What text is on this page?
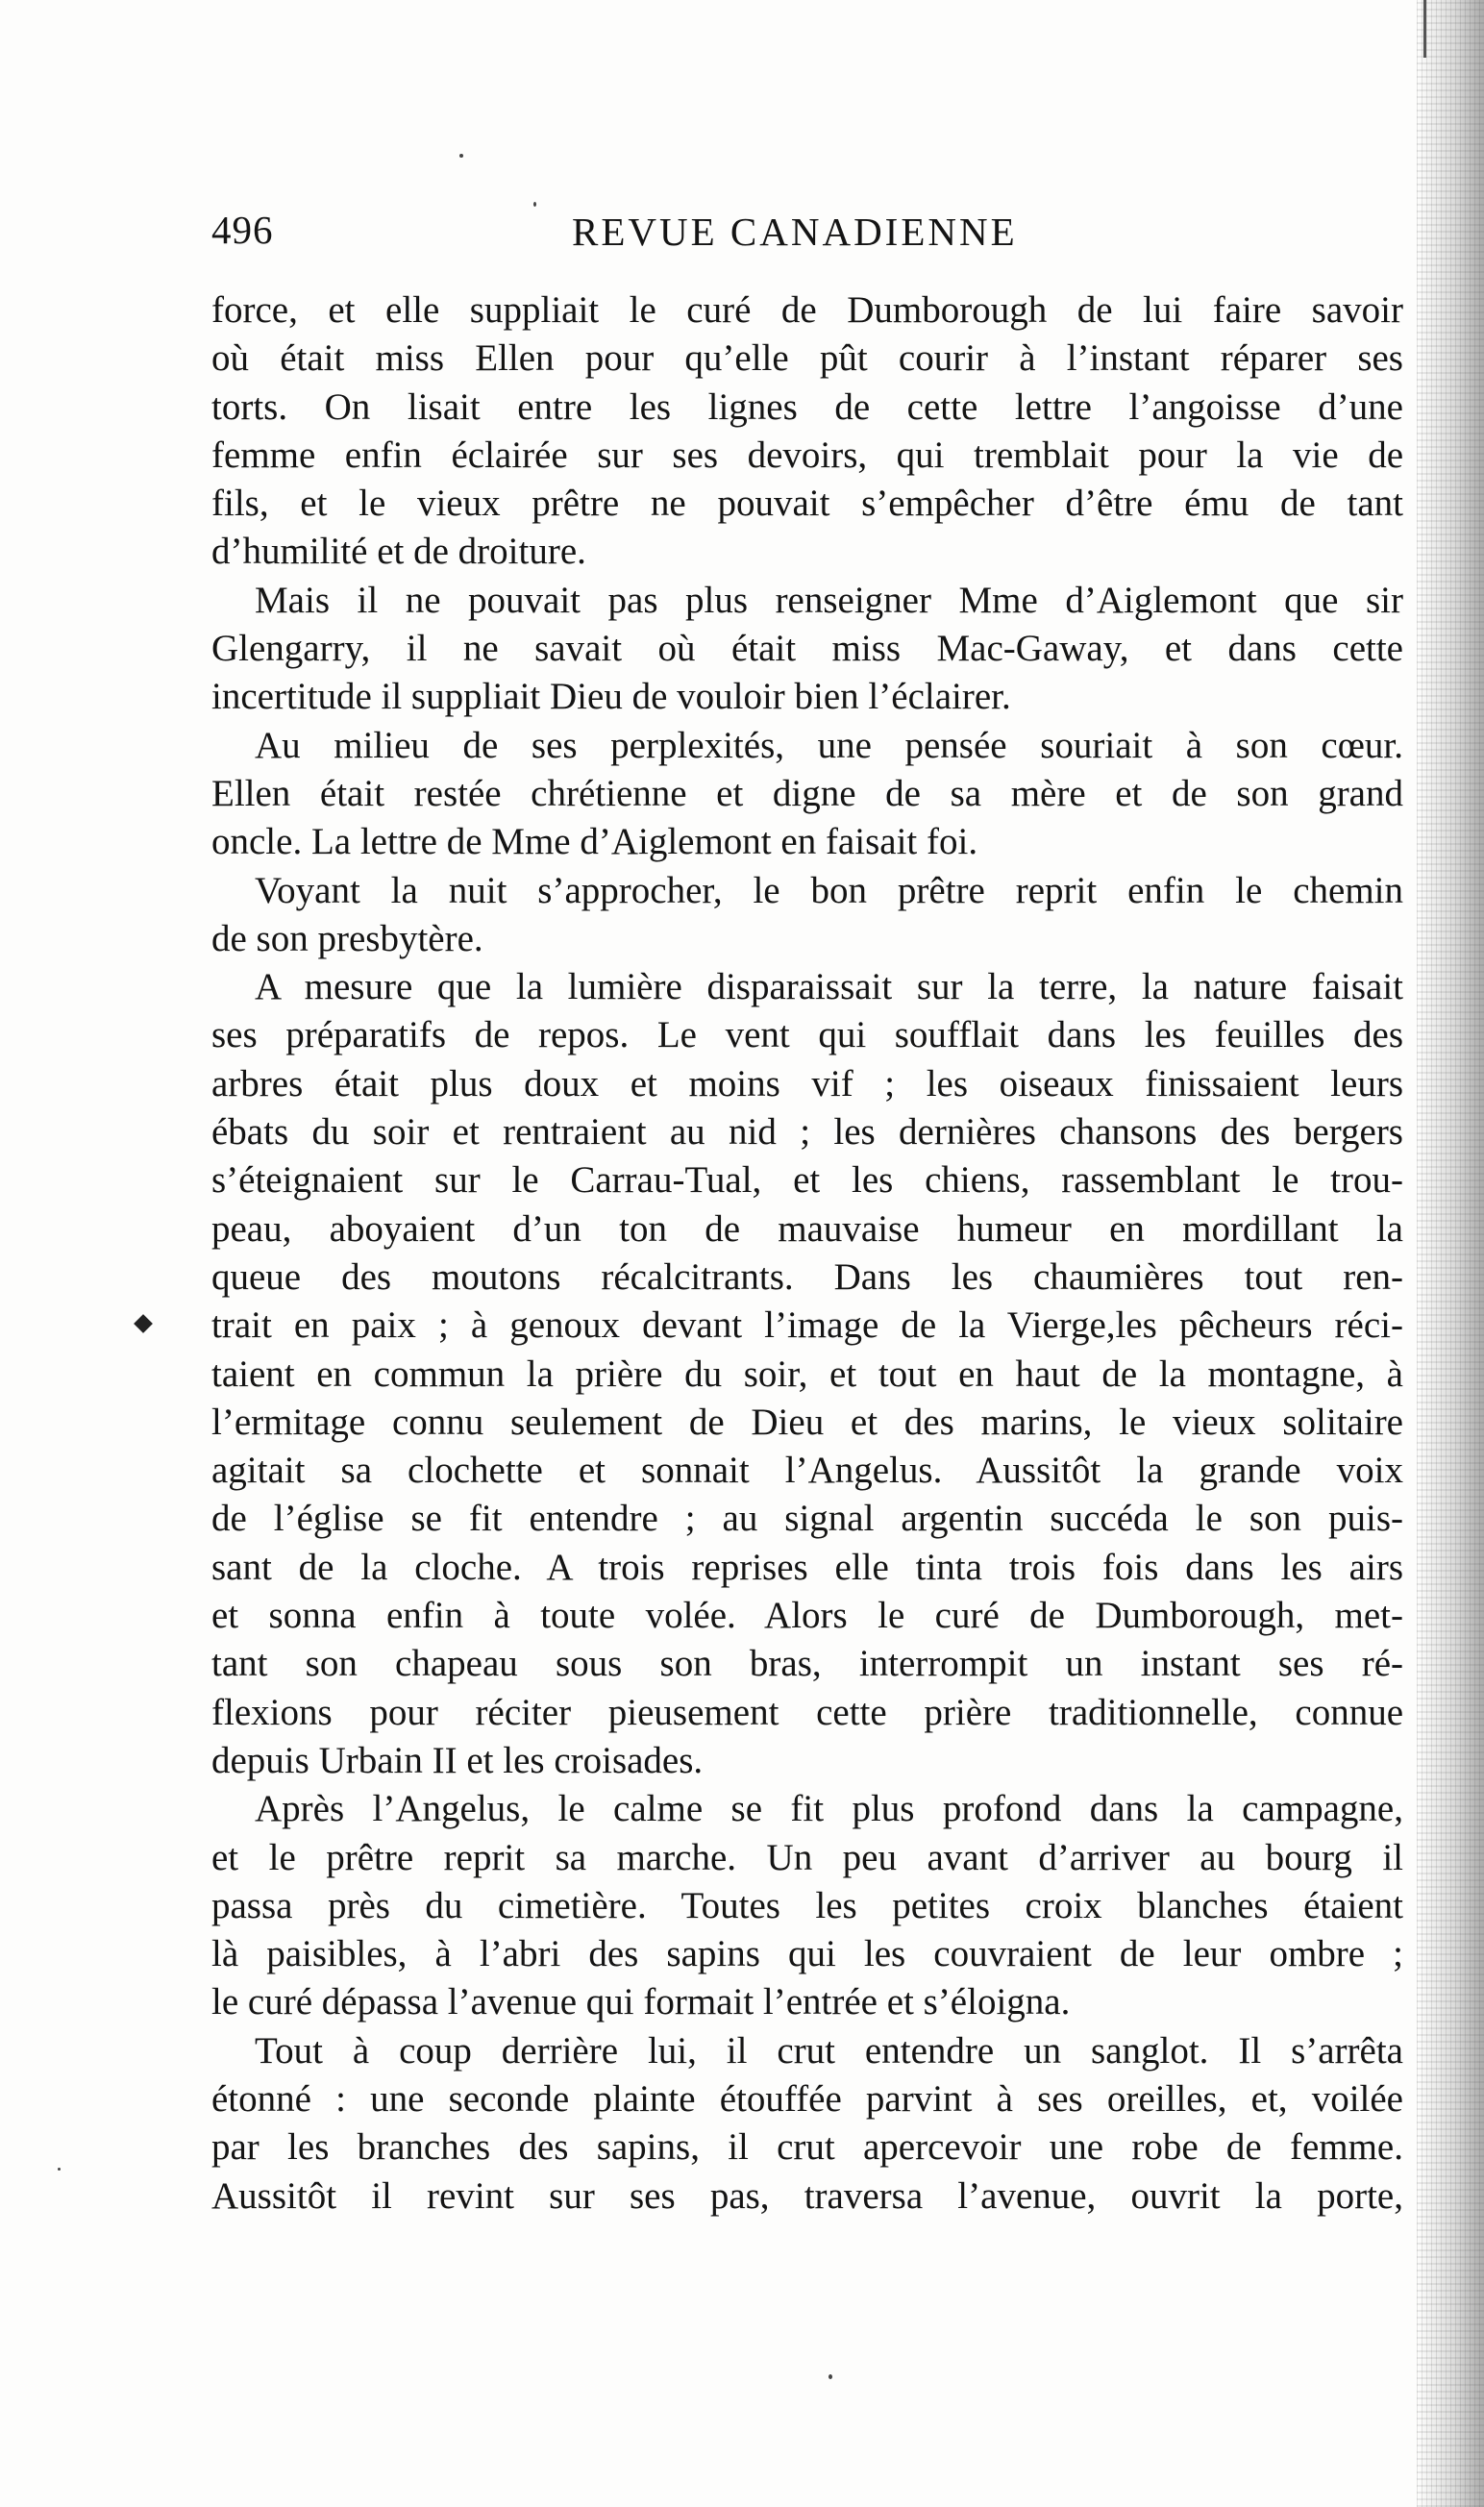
496	REVUE CANADIENNE
force, et elle suppliait le curé de Dumborough de lui faire savoir
où était miss Ellen pour qu’elle pût courir à l’instant réparer ses
torts. On lisait entre les lignes de cette lettre l’angoisse d’une
femme enfin éclairée sur ses devoirs, qui tremblait pour la vie de
fils, et le vieux prêtre ne pouvait s’empêcher d’être ému de tant
d’humilité et de droiture.
Mais il ne pouvait pas plus renseigner Mme d’Aiglemont que sir
Glengarry, il ne savait où était miss Mac-Gaway, et dans cette
incertitude il suppliait Dieu de vouloir bien l’éclairer.
Au milieu de ses perplexités, une pensée souriait à son cœur.
Ellen était restée chrétienne et digne de sa mère et de son grand
oncle. La lettre de Mme d’Aiglemont en faisait foi.
Voyant la nuit s’approcher, le bon prêtre reprit enfin le chemin
de son presbytère.
A mesure que la lumière disparaissait sur la terre, la nature faisait
ses préparatifs de repos. Le vent qui soufflait dans les feuilles des
arbres était plus doux et moins vif ; les oiseaux finissaient leurs
ébats du soir et rentraient au nid ; les dernières chansons des bergers
s’éteignaient sur le Carrau-Tual, et les chiens, rassemblant le trou-
peau, aboyaient d’un ton de mauvaise humeur en mordillant la
queue des moutons récalcitrants. Dans les chaumières tout ren-
trait en paix ; à genoux devant l’image de la Vierge,les pêcheurs réci-
taient en commun la prière du soir, et tout en haut de la montagne, à
l’ermitage connu seulement de Dieu et des marins, le vieux solitaire
agitait sa clochette et sonnait l’Angelus. Aussitôt la grande voix
de l’église se fit entendre ; au signal argentin succéda le son puis-
sant de la cloche. A trois reprises elle tinta trois fois dans les airs
et sonna enfin à toute volée. Alors le curé de Dumborough, met-
tant son chapeau sous son bras, interrompit un instant ses ré-
flexions pour réciter pieusement cette prière traditionnelle, connue
depuis Urbain II et les croisades.
Après l’Angelus, le calme se fit plus profond dans la campagne,
et le prêtre reprit sa marche. Un peu avant d’arriver au bourg il
passa près du cimetière. Toutes les petites croix blanches étaient
là paisibles, à l’abri des sapins qui les couvraient de leur ombre ;
le curé dépassa l’avenue qui formait l’entrée et s’éloigna.
Tout à coup derrière lui, il crut entendre un sanglot. Il s’arrêta
étonné : une seconde plainte étouffée parvint à ses oreilles, et, voilée
par les branches des sapins, il crut apercevoir une robe de femme.
Aussitôt il revint sur ses pas, traversa l’avenue, ouvrit la porte,
